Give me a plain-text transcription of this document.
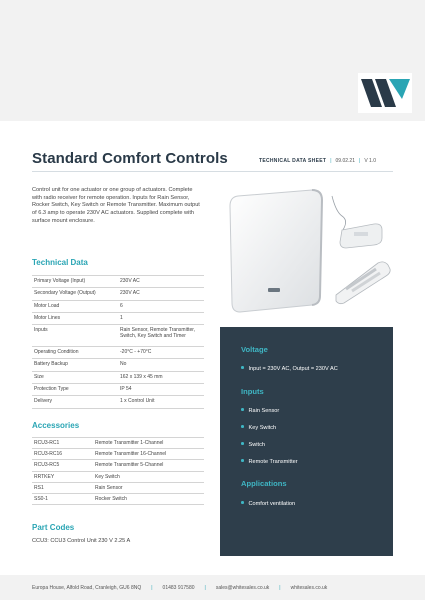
Standard Comfort Controls	TECHNICAL DATA SHEET | 09.02.21 | V 1.0

Control unit for one actuator or one group of actuators. Complete with radio receiver for remote operation. Inputs for Rain Sensor, Rocker Switch, Key Switch or Remote Transmitter. Maximum output of 6.3 amp to operate 230V AC actuators. Supplied complete with surface mount enclosure.

Technical Data
Primary Voltage (Input)	230V AC
Secondary Voltage (Output)	230V AC
Motor Load	6
Motor Lines	1
Inputs	Rain Sensor, Remote Transmitter, Switch, Key Switch and Timer
Operating Condition	-20°C - +70°C
Battery Backup	No
Size	162 x 139 x 45 mm
Protection Type	IP 54
Delivery	1 x Control Unit
Accessories
RCU3-RC1	Remote Transmitter 1-Channel
RCU3-RC16	Remote Transmitter 16-Channel
RCU3-RC5	Remote Transmitter 5-Channel
RRTKEY	Key Switch
RS1	Rain Sensor
SS0-1	Rocker Switch
Part Codes
CCU3: CCU3 Control Unit 230 V 2.25 A
Voltage
Input = 230V AC, Output = 230V AC
Inputs
Rain Sensor
Key Switch
Switch
Remote Transmitter
Applications
Comfort ventilation
Europa House, Alfold Road, Cranleigh, GU6 8NQ | 01483 917580 | sales@whitesales.co.uk | whitesales.co.uk
